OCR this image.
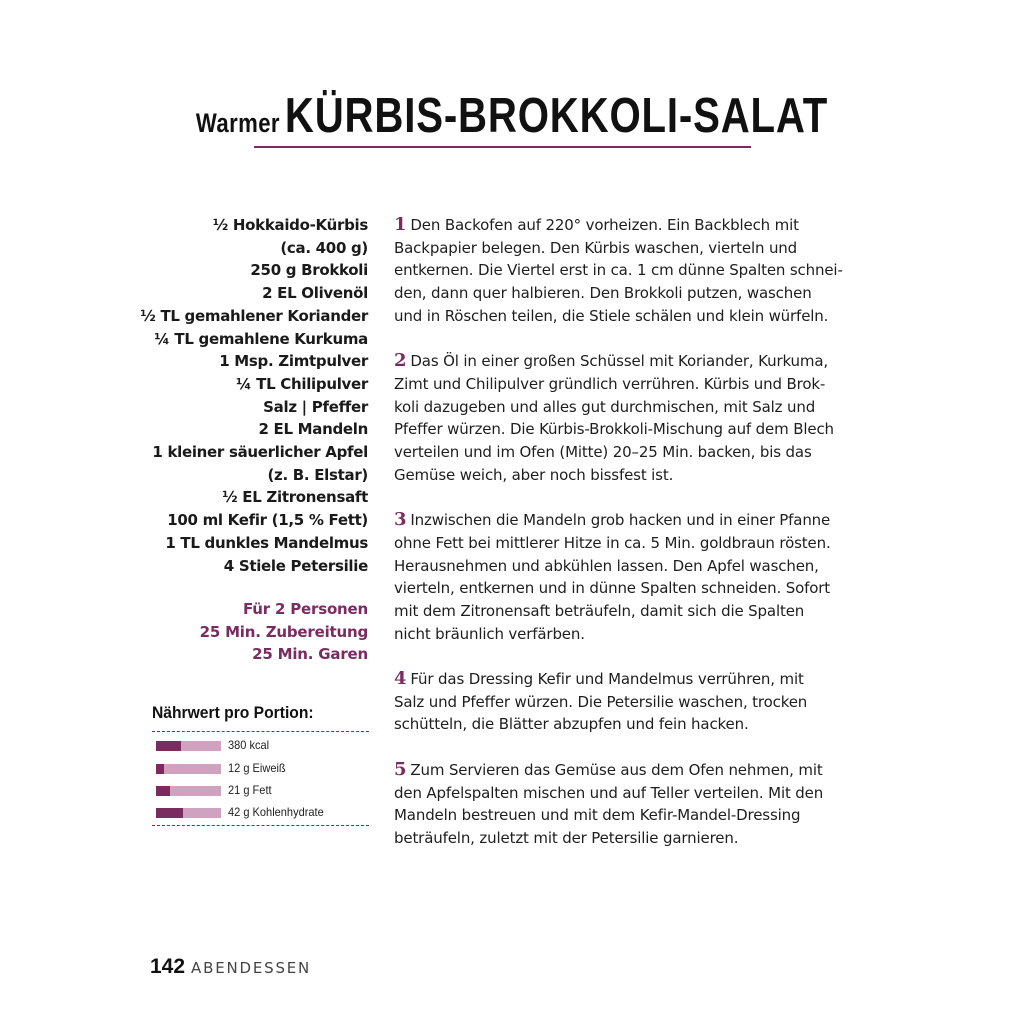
Warmer KÜRBIS-BROKKOLI-SALAT
½ Hokkaido-Kürbis
(ca. 400 g)
250 g Brokkoli
2 EL Olivenöl
½ TL gemahlener Koriander
¼ TL gemahlene Kurkuma
1 Msp. Zimtpulver
¼ TL Chilipulver
Salz | Pfeffer
2 EL Mandeln
1 kleiner säuerlicher Apfel
(z. B. Elstar)
½ EL Zitronensaft
100 ml Kefir (1,5 % Fett)
1 TL dunkles Mandelmus
4 Stiele Petersilie
Für 2 Personen
25 Min. Zubereitung
25 Min. Garen
Nährwert pro Portion:
380 kcal
12 g Eiweiß
21 g Fett
42 g Kohlenhydrate
1 Den Backofen auf 220° vorheizen. Ein Backblech mit
Backpapier belegen. Den Kürbis waschen, vierteln und
entkernen. Die Viertel erst in ca. 1 cm dünne Spalten schnei-
den, dann quer halbieren. Den Brokkoli putzen, waschen
und in Röschen teilen, die Stiele schälen und klein würfeln.
2 Das Öl in einer großen Schüssel mit Koriander, Kurkuma,
Zimt und Chilipulver gründlich verrühren. Kürbis und Brok-
koli dazugeben und alles gut durchmischen, mit Salz und
Pfeffer würzen. Die Kürbis-Brokkoli-Mischung auf dem Blech
verteilen und im Ofen (Mitte) 20–25 Min. backen, bis das
Gemüse weich, aber noch bissfest ist.
3 Inzwischen die Mandeln grob hacken und in einer Pfanne
ohne Fett bei mittlerer Hitze in ca. 5 Min. goldbraun rösten.
Herausnehmen und abkühlen lassen. Den Apfel waschen,
vierteln, entkernen und in dünne Spalten schneiden. Sofort
mit dem Zitronensaft beträufeln, damit sich die Spalten
nicht bräunlich verfärben.
4 Für das Dressing Kefir und Mandelmus verrühren, mit
Salz und Pfeffer würzen. Die Petersilie waschen, trocken
schütteln, die Blätter abzupfen und fein hacken.
5 Zum Servieren das Gemüse aus dem Ofen nehmen, mit
den Apfelspalten mischen und auf Teller verteilen. Mit den
Mandeln bestreuen und mit dem Kefir-Mandel-Dressing
beträufeln, zuletzt mit der Petersilie garnieren.
142 ABENDESSEN
